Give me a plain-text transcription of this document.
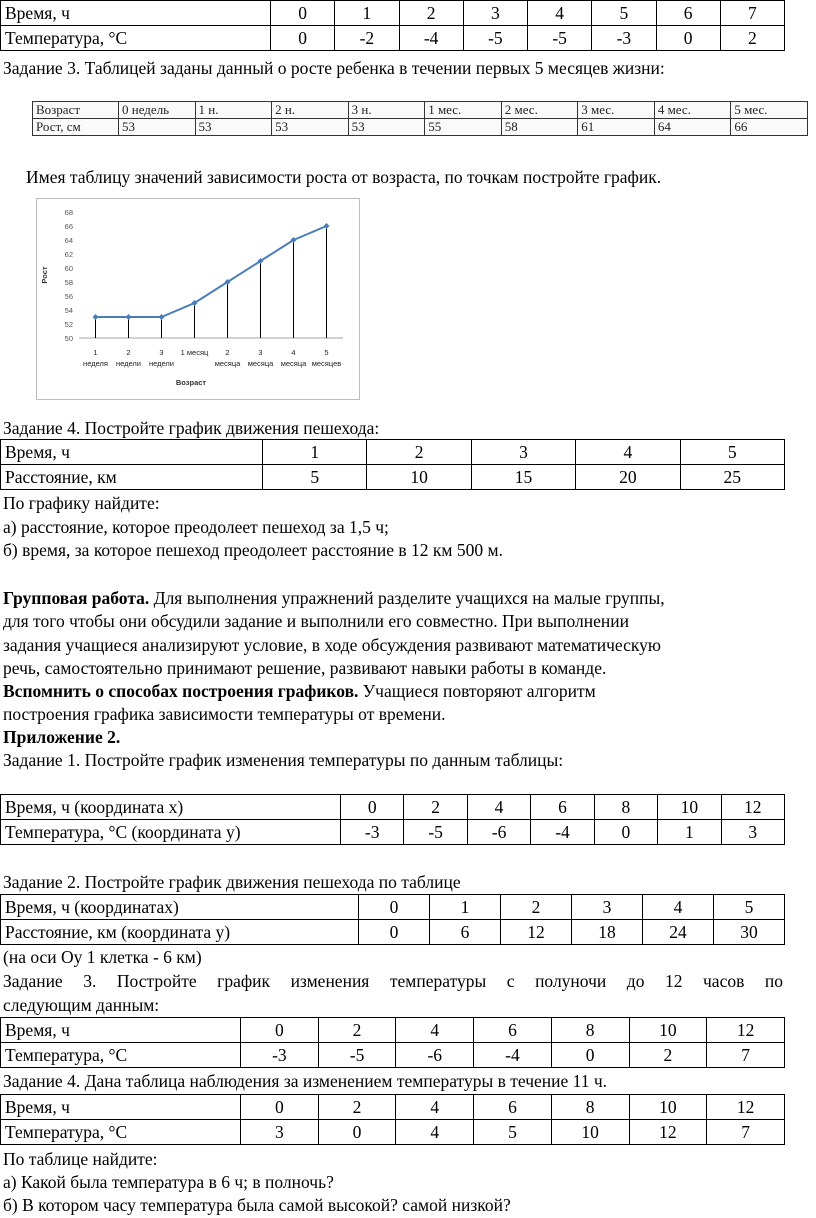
Время, ч	0	1	2	3	4	5	6	7
Температура, °С	0	-2	-4	-5	-5	-3	0	2
Задание 3. Таблицей заданы данный о росте ребенка в течении первых 5 месяцев жизни:
Возраст	0 недель	1 н.	2 н.	3 н.	1 мес.	2 мес.	3 мес.	4 мес.	5 мес.
Рост, см	53	53	53	53	55	58	61	64	66
Имея таблицу значений зависимости роста от возраста, по точкам постройте график.
50
52
54
56
58
60
62
64
66
68
Рост
1
неделя
2
недели
3
недели
1 месяц 2
месяца
3
месяца
4
месяца
5
месяцев
Возраст
Задание 4. Постройте график движения пешехода:
Время, ч	1	2	3	4	5
Расстояние, км	5	10	15	20	25
По графику найдите:
а) расстояние, которое преодолеет пешеход за 1,5 ч;
б) время, за которое пешеход преодолеет расстояние в 12 км 500 м.
Групповая работа. Для выполнения упражнений разделите учащихся на малые группы,
для того чтобы они обсудили задание и выполнили его совместно. При выполнении
задания учащиеся анализируют условие, в ходе обсуждения развивают математическую
речь, самостоятельно принимают решение, развивают навыки работы в команде.
Вспомнить о способах построения графиков. Учащиеся повторяют алгоритм
построения графика зависимости температуры от времени.
Приложение 2.
Задание 1. Постройте график изменения температуры по данным таблицы:
Время, ч (координата х)	0	2	4	6	8	10	12
Температура, °С (координата у)	-3	-5	-6	-4	0	1	3
Задание 2. Постройте график движения пешехода по таблице
Время, ч (координатах)	0	1	2	3	4	5
Расстояние, км (координата у)	0	6	12	18	24	30
(на оси Оу 1 клетка - 6 км)
Задание 3. Постройте график изменения температуры с полуночи до 12 часов по
следующим данным:
Время, ч	0	2	4	6	8	10	12
Температура, °С	-3	-5	-6	-4	0	2	7
Задание 4. Дана таблица наблюдения за изменением температуры в течение 11 ч.
Время, ч	0	2	4	6	8	10	12
Температура, °С	3	0	4	5	10	12	7
По таблице найдите:
а) Какой была температура в 6 ч; в полночь?
б) В котором часу температура была самой высокой? самой низкой?
